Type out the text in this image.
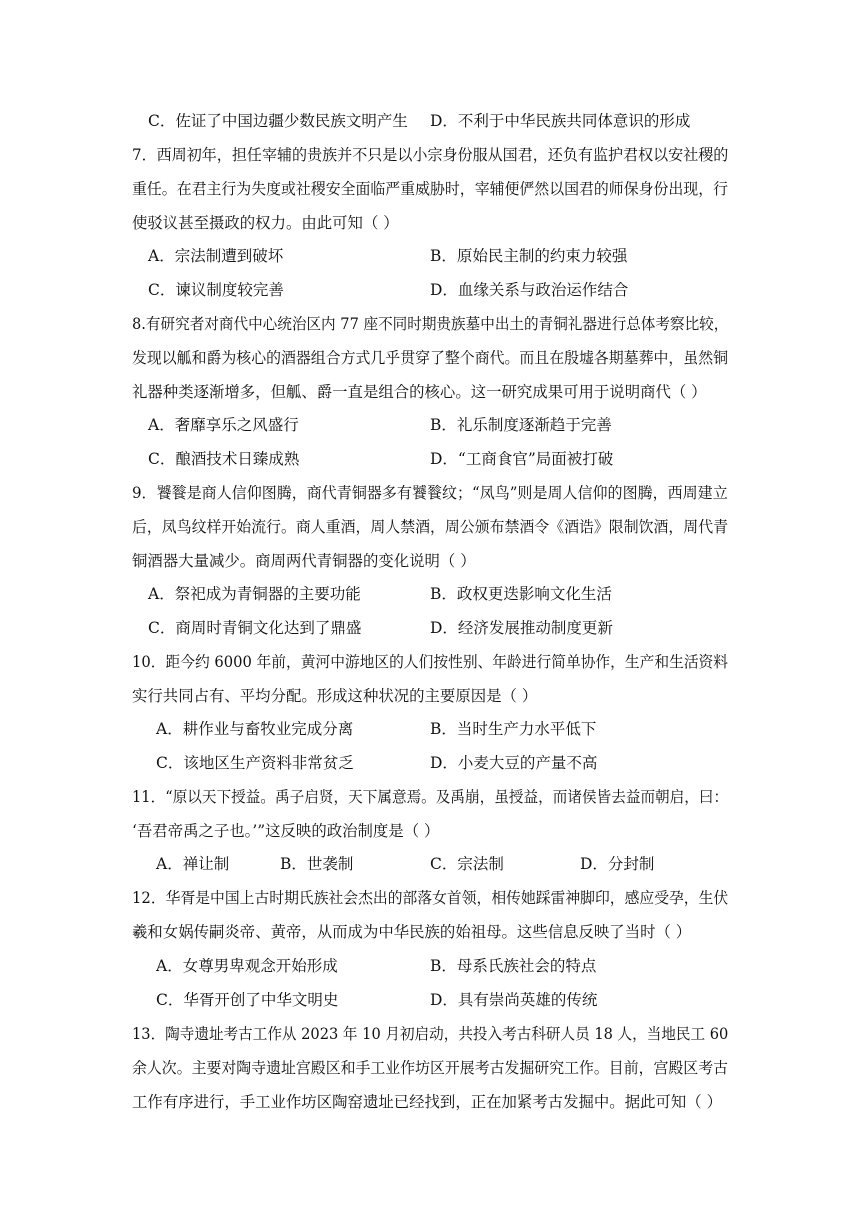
C．佐证了中国边疆少数民族文明产生 D．不利于中华民族共同体意识的形成
7．西周初年，担任宰辅的贵族并不只是以小宗身份服从国君，还负有监护君权以安社稷的
重任。在君主行为失度或社稷安全面临严重威胁时，宰辅便俨然以国君的师保身份出现，行
使驳议甚至摄政的权力。由此可知（ ）
A．宗法制遭到破坏	B．原始民主制的约束力较强
C．谏议制度较完善	D．血缘关系与政治运作结合
8.有研究者对商代中心统治区内 77 座不同时期贵族墓中出土的青铜礼器进行总体考察比较，
发现以觚和爵为核心的酒器组合方式几乎贯穿了整个商代。而且在殷墟各期墓葬中，虽然铜
礼器种类逐渐增多，但觚、爵一直是组合的核心。这一研究成果可用于说明商代（ ）
A．奢靡享乐之风盛行	B．礼乐制度逐渐趋于完善
C．酿酒技术日臻成熟	D．“工商食官”局面被打破
9．饕餮是商人信仰图腾，商代青铜器多有饕餮纹；“凤鸟”则是周人信仰的图腾，西周建立
后，凤鸟纹样开始流行。商人重酒，周人禁酒，周公颁布禁酒令《酒诰》限制饮酒，周代青
铜酒器大量减少。商周两代青铜器的变化说明（ ）
A．祭祀成为青铜器的主要功能	B．政权更迭影响文化生活
C．商周时青铜文化达到了鼎盛	D．经济发展推动制度更新
10．距今约 6000 年前，黄河中游地区的人们按性别、年龄进行简单协作，生产和生活资料
实行共同占有、平均分配。形成这种状况的主要原因是（ ）
A．耕作业与畜牧业完成分离	B．当时生产力水平低下
C．该地区生产资料非常贫乏	D．小麦大豆的产量不高
11．“原以天下授益。禹子启贤，天下属意焉。及禹崩，虽授益，而诸侯皆去益而朝启，曰：
‘吾君帝禹之子也。’”这反映的政治制度是（ ）
A．禅让制	B．世袭制	C．宗法制	D．分封制
12．华胥是中国上古时期氏族社会杰出的部落女首领，相传她踩雷神脚印，感应受孕，生伏
羲和女娲传嗣炎帝、黄帝，从而成为中华民族的始祖母。这些信息反映了当时（ ）
A．女尊男卑观念开始形成	B．母系氏族社会的特点
C．华胥开创了中华文明史	D．具有崇尚英雄的传统
13．陶寺遗址考古工作从 2023 年 10 月初启动，共投入考古科研人员 18 人，当地民工 60
余人次。主要对陶寺遗址宫殿区和手工业作坊区开展考古发掘研究工作。目前，宫殿区考古
工作有序进行，手工业作坊区陶窑遗址已经找到，正在加紧考古发掘中。据此可知（ ）
